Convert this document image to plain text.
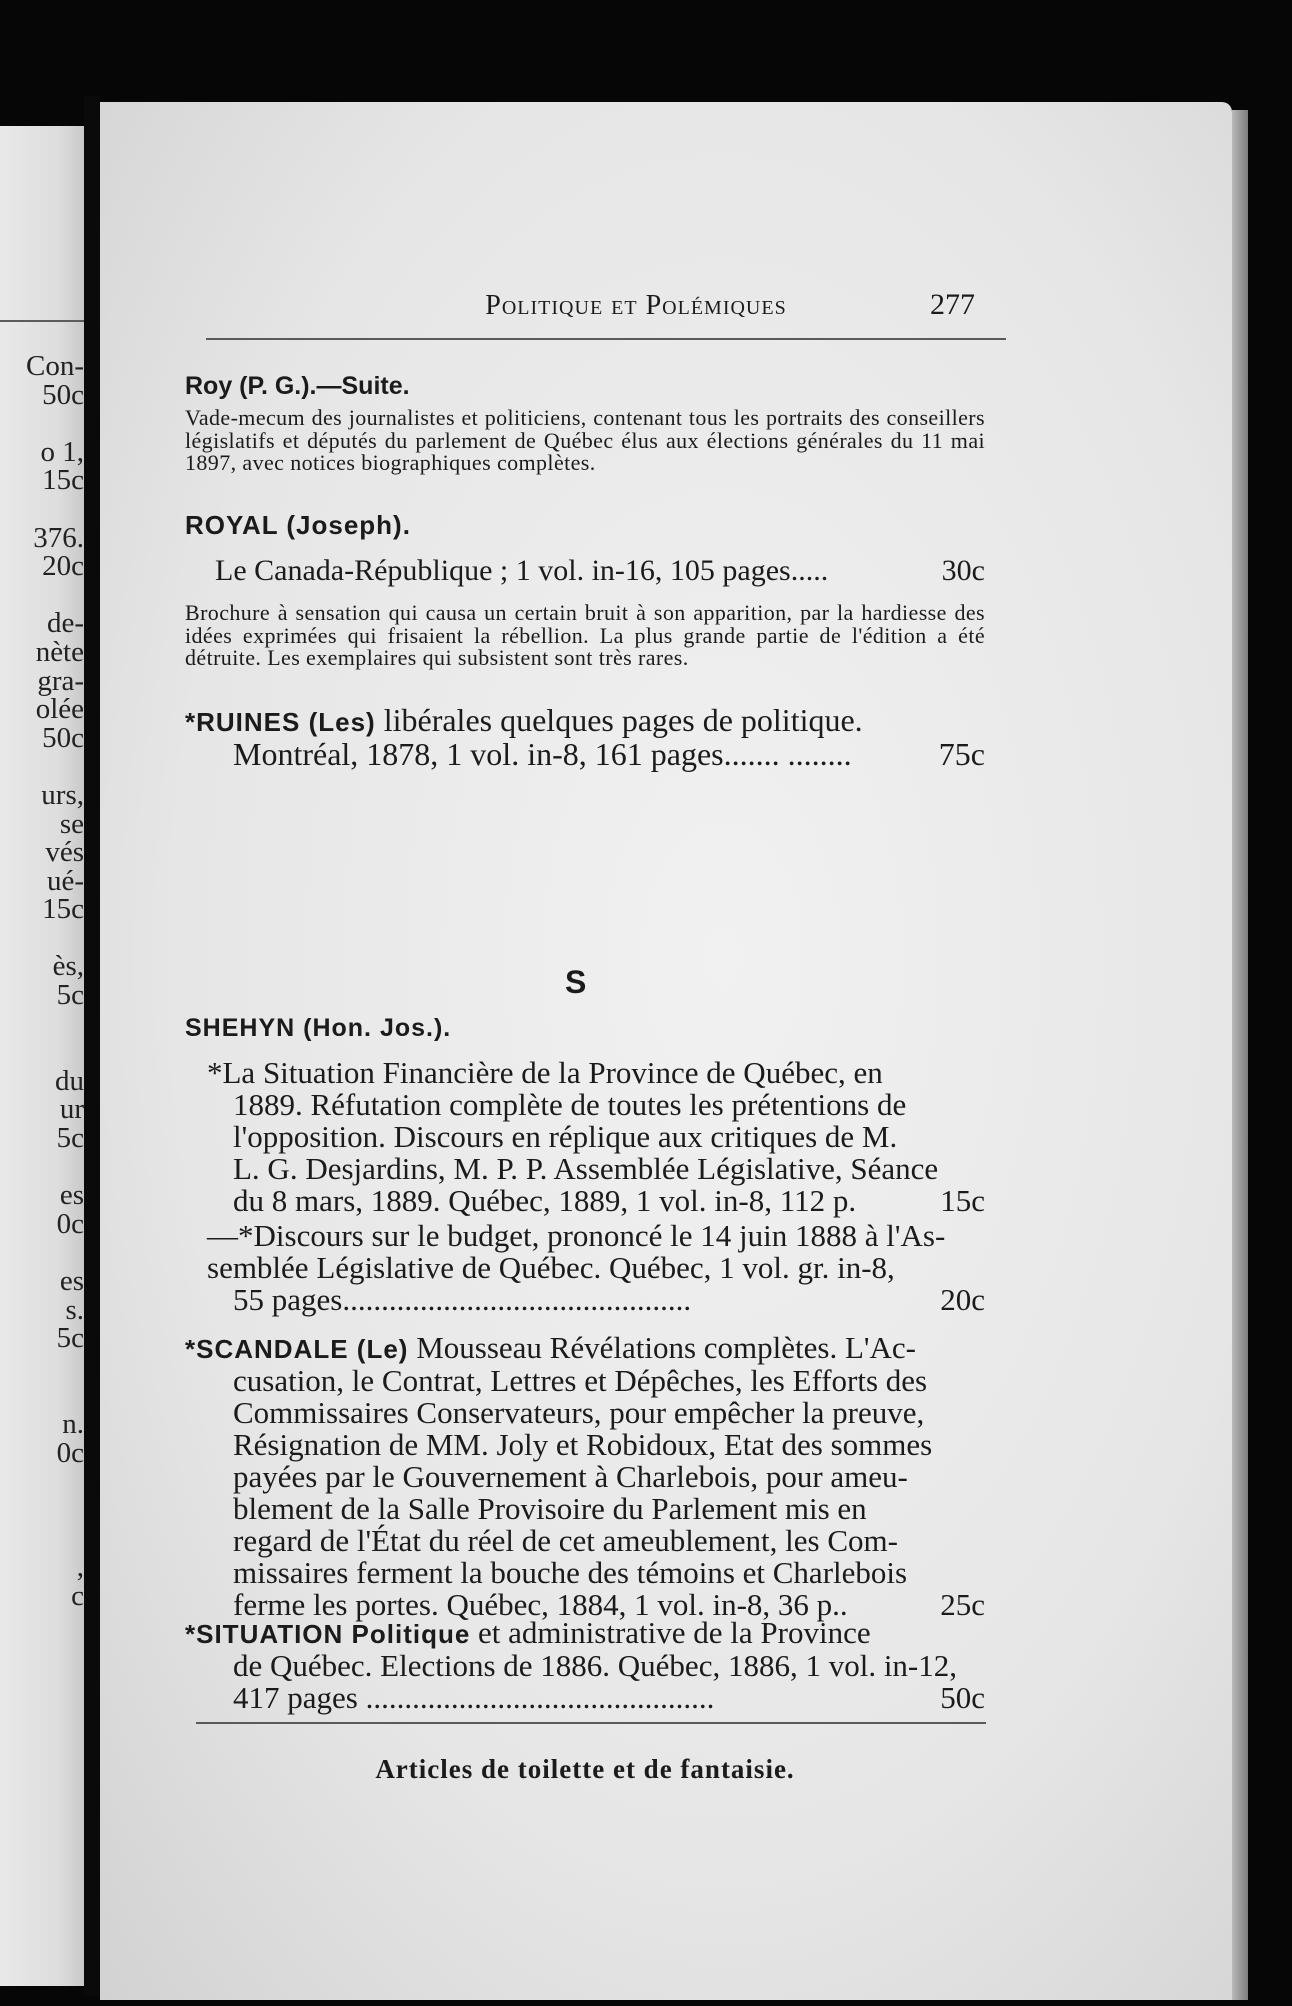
Con-
50c
o 1,
15c
376.
20c
de-
nète
gra-
olée
50c
urs,
se
vés
ué-
15c
ès,
5c
du
ur
5c
es
0c
es
s.
5c
n.
0c
,
c
Politique et Polémiques	277
Roy (P. G.).—Suite.
Vade-mecum des journalistes et politiciens, contenant tous les portraits des conseillers législatifs et députés du parlement de Québec élus aux élections générales du 11 mai 1897, avec notices biographiques complètes.
ROYAL (Joseph).
Le Canada-République ; 1 vol. in-16, 105 pages.....	30c
Brochure à sensation qui causa un certain bruit à son apparition, par la hardiesse des idées exprimées qui frisaient la rébellion. La plus grande partie de l'édition a été détruite. Les exemplaires qui subsistent sont très rares.
*RUINES (Les) libérales quelques pages de politique.
Montréal, 1878, 1 vol. in-8, 161 pages....... ........	75c
S
SHEHYN (Hon. Jos.).
*La Situation Financière de la Province de Québec, en
1889. Réfutation complète de toutes les prétentions de
l'opposition. Discours en réplique aux critiques de M.
L. G. Desjardins, M. P. P. Assemblée Législative, Séance
du 8 mars, 1889. Québec, 1889, 1 vol. in-8, 112 p.	15c
—*Discours sur le budget, prononcé le 14 juin 1888 à l'As-
semblée Législative de Québec. Québec, 1 vol. gr. in-8,
55 pages.............................................	20c
*SCANDALE (Le) Mousseau Révélations complètes. L'Ac-
cusation, le Contrat, Lettres et Dépêches, les Efforts des
Commissaires Conservateurs, pour empêcher la preuve,
Résignation de MM. Joly et Robidoux, Etat des sommes
payées par le Gouvernement à Charlebois, pour ameu-
blement de la Salle Provisoire du Parlement mis en
regard de l'État du réel de cet ameublement, les Com-
missaires ferment la bouche des témoins et Charlebois
ferme les portes. Québec, 1884, 1 vol. in-8, 36 p..	25c
*SITUATION Politique et administrative de la Province
de Québec. Elections de 1886. Québec, 1886, 1 vol. in-12,
417 pages .............................................	50c
Articles de toilette et de fantaisie.
